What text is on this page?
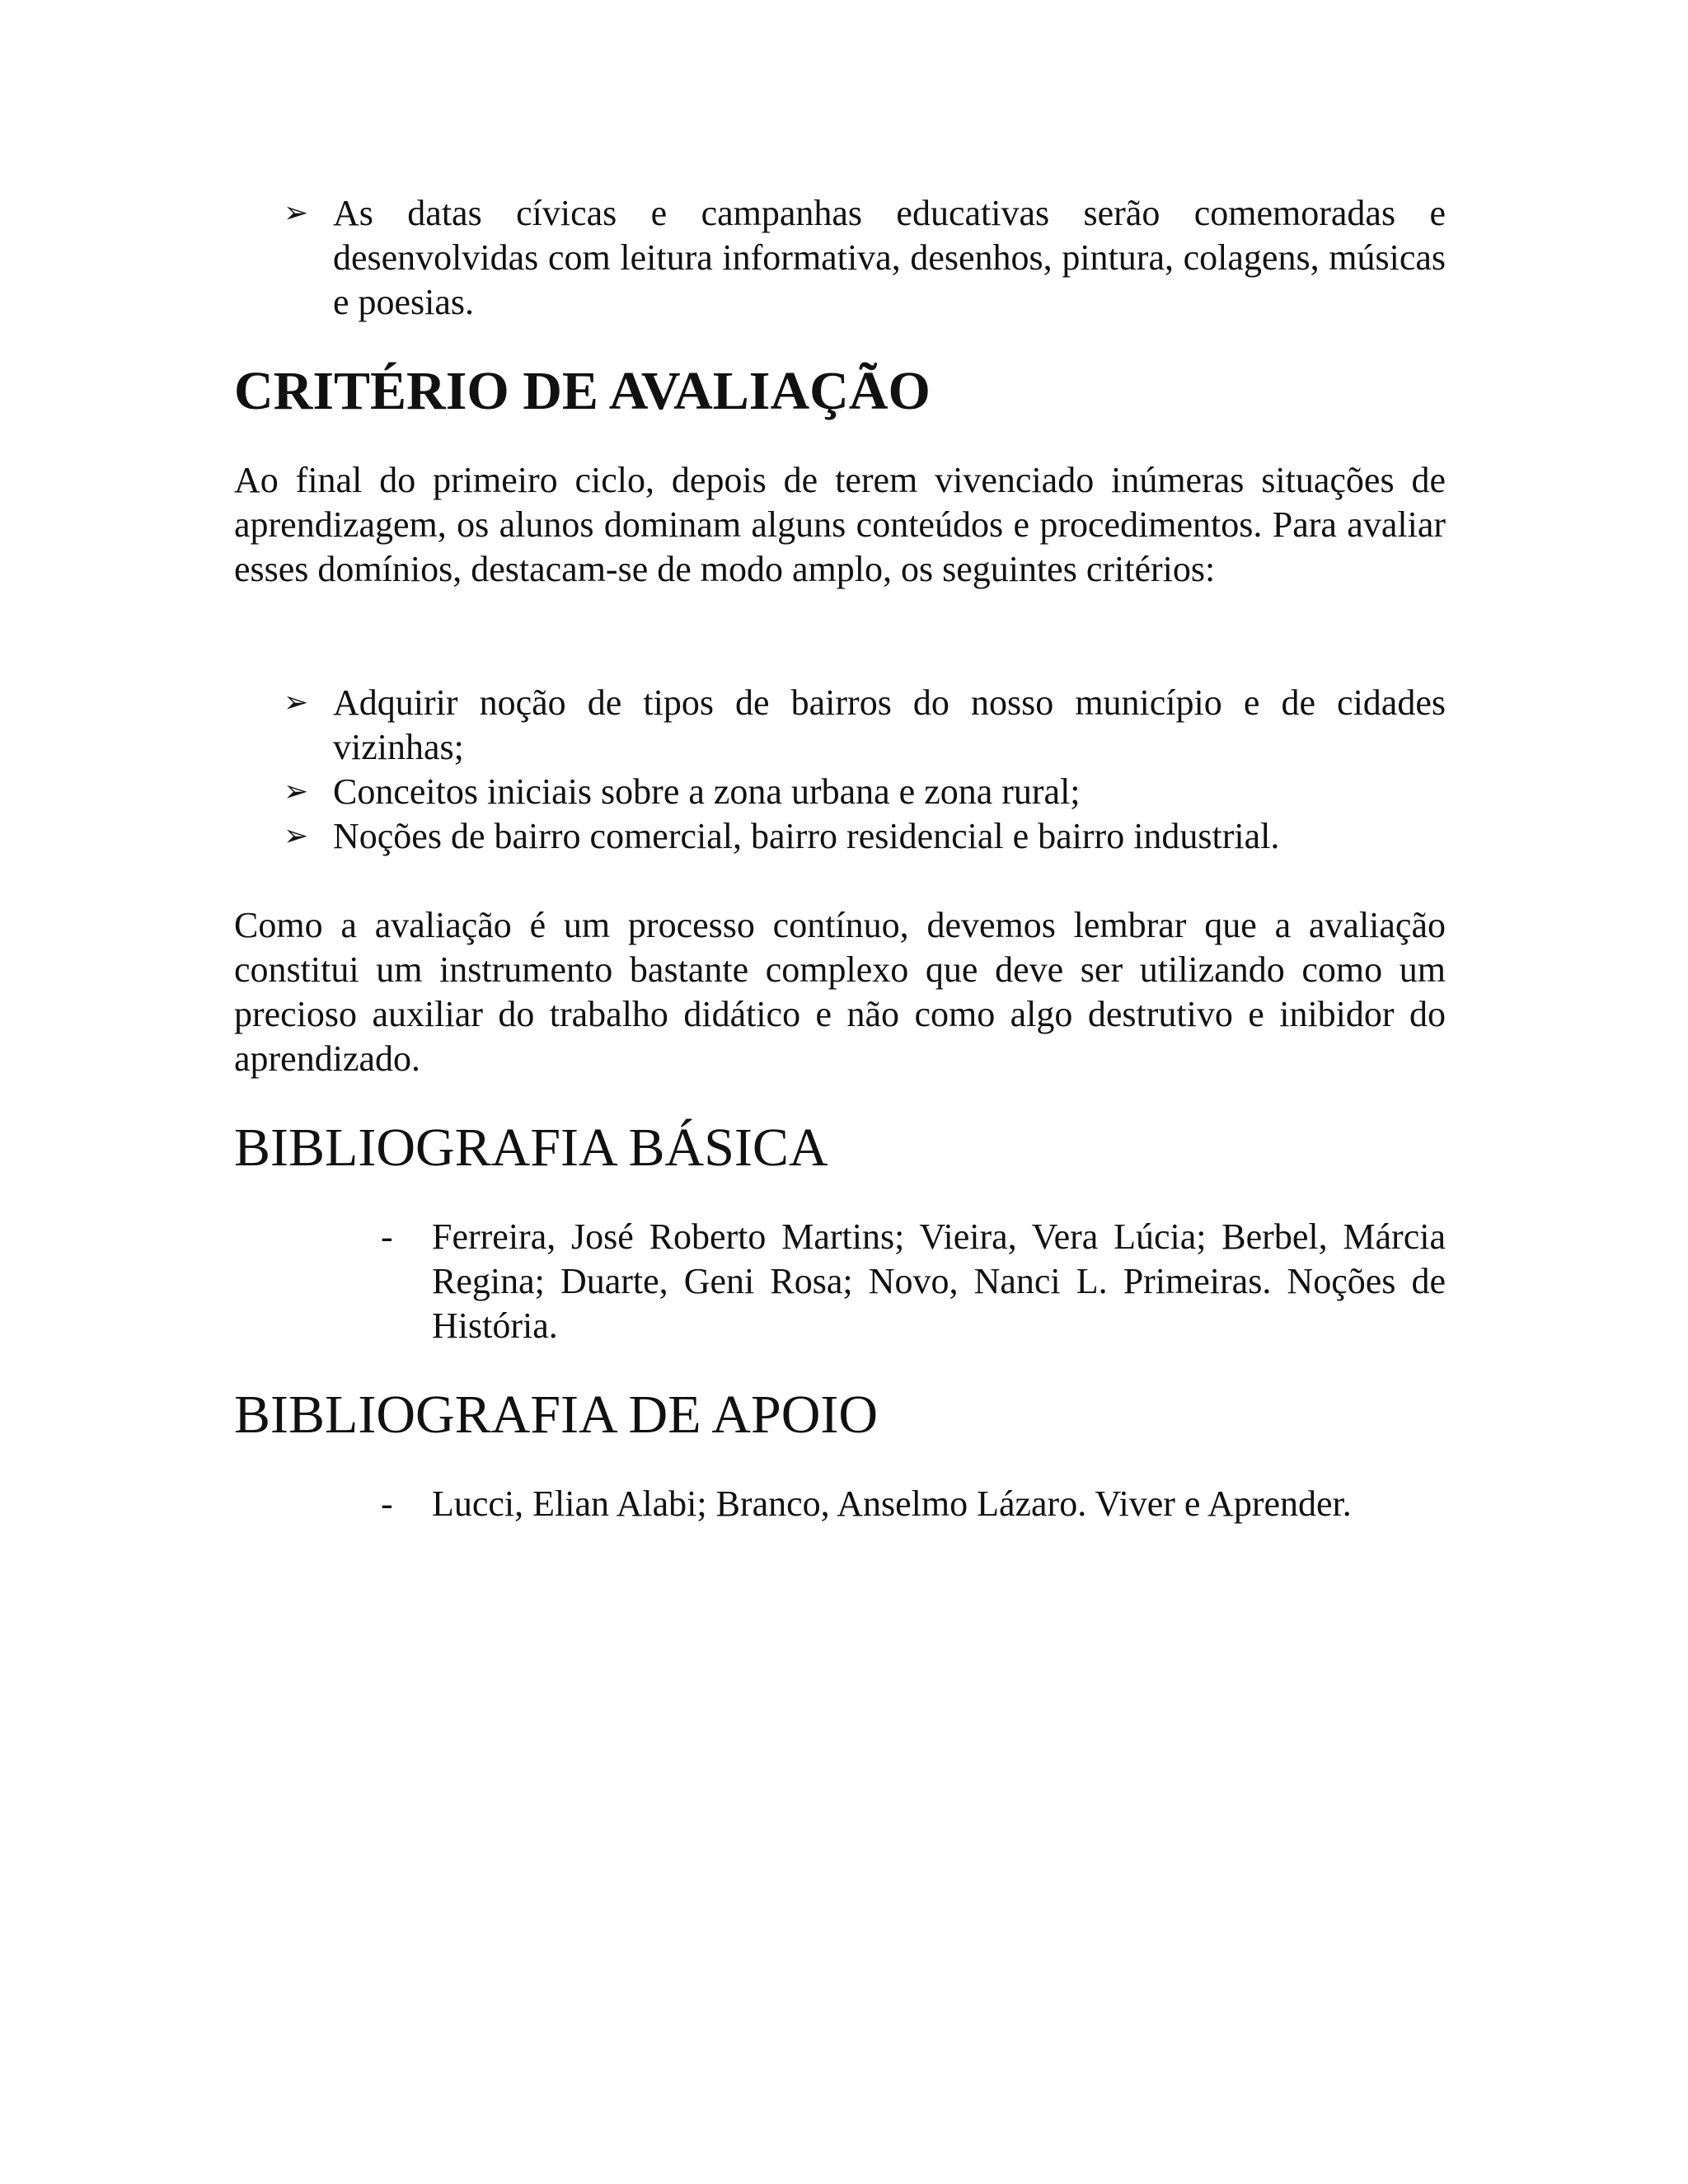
➢ As datas cívicas e campanhas educativas serão comemoradas e desenvolvidas com leitura informativa, desenhos, pintura, colagens, músicas e poesias.
CRITÉRIO DE AVALIAÇÃO

Ao final do primeiro ciclo, depois de terem vivenciado inúmeras situações de aprendizagem, os alunos dominam alguns conteúdos e procedimentos. Para avaliar esses domínios, destacam-se de modo amplo, os seguintes critérios:

➢ Adquirir noção de tipos de bairros do nosso município e de cidades vizinhas;
➢ Conceitos iniciais sobre a zona urbana e zona rural;
➢ Noções de bairro comercial, bairro residencial e bairro industrial.

Como a avaliação é um processo contínuo, devemos lembrar que a avaliação constitui um instrumento bastante complexo que deve ser utilizando como um precioso auxiliar do trabalho didático e não como algo destrutivo e inibidor do aprendizado.

BIBLIOGRAFIA BÁSICA
- Ferreira, José Roberto Martins; Vieira, Vera Lúcia; Berbel, Márcia Regina; Duarte, Geni Rosa; Novo, Nanci L. Primeiras. Noções de História.
BIBLIOGRAFIA DE APOIO
- Lucci, Elian Alabi; Branco, Anselmo Lázaro. Viver e Aprender.
